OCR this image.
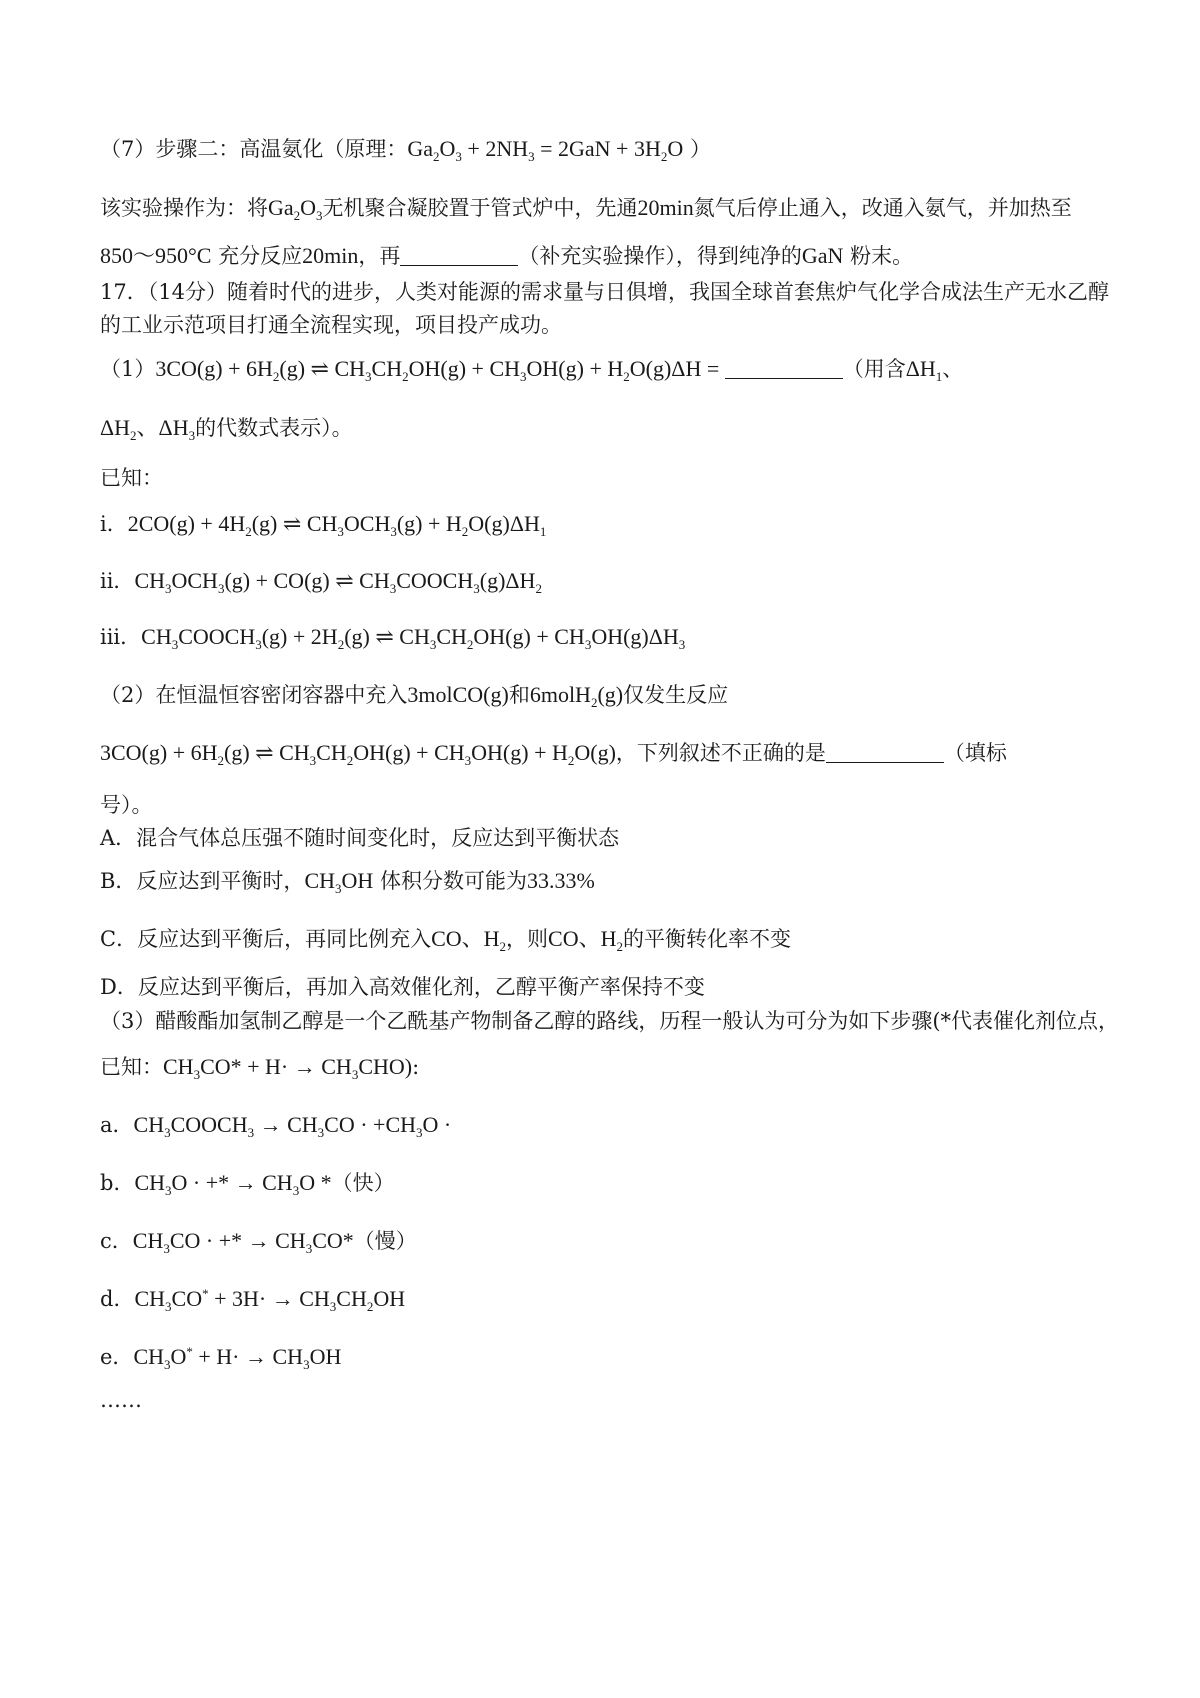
（7）步骤二：高温氨化（原理：$Ga_2O_3 + 2NH_3 = 2GaN + 3H_2O$ ）
该实验操作为：将$Ga_2O_3$无机聚合凝胶置于管式炉中，先通20min氮气后停止通入，改通入氨气，并加热至
850～950°C 充分反应20min，再	（补充实验操作），得到纯净的GaN 粉末。
17．（14分）随着时代的进步，人类对能源的需求量与日俱增，我国全球首套焦炉气化学合成法生产无水乙醇
的工业示范项目打通全流程实现，项目投产成功。
$(1)3CO(g) + 6H_2(g)$ ⇌ $CH_3CH_2OH(g) + CH_3OH(g) + H_2O(g)\Delta H$ =	（用含$\Delta H_1$、
$\Delta H_2$、$\Delta H_3$的代数式表示）。
已知：
i．$2CO(g) + 4H_2(g)$ ⇌ $CH_3OCH_3(g) + H_2O(g)\Delta H_1$
ii．$CH_3OCH_3(g) + CO(g)$ ⇌ $CH_3COOCH_3(g)\Delta H_2$
iii．$CH_3COOCH_3(g) + 2H_2(g)$ ⇌ $CH_3CH_2OH(g) + CH_3OH(g)\Delta H_3$
（2）在恒温恒容密闭容器中充入3molCO(g)和6molH$_2$(g)仅发生反应
$3CO(g) + 6H_2(g)$ ⇌ $CH_3CH_2OH(g) + CH_3OH(g) + H_2O(g)$，下列叙述不正确的是	（填标
号）。
A．混合气体总压强不随时间变化时，反应达到平衡状态
B．反应达到平衡时，$CH_3OH$ 体积分数可能为33.33%
C．反应达到平衡后，再同比例充入CO、$H_2$，则CO、$H_2$的平衡转化率不变
D．反应达到平衡后，再加入高效催化剂，乙醇平衡产率保持不变
（3）醋酸酯加氢制乙醇是一个乙酰基产物制备乙醇的路线，历程一般认为可分为如下步骤(*代表催化剂位点，
已知：$CH_3CO* + H\cdot \to CH_3CHO$):
a．$CH_3COOCH_3 \to CH_3CO \cdot +CH_3O$ ·
b．$CH_3O$ · +* → $CH_3O$ *（快）
c．$CH_3CO$ · +* → $CH_3CO*$（慢）
d．$CH_3CO^* + 3H\cdot \to CH_3CH_2OH$
e．$CH_3O^* + H\cdot \to CH_3OH$
……
